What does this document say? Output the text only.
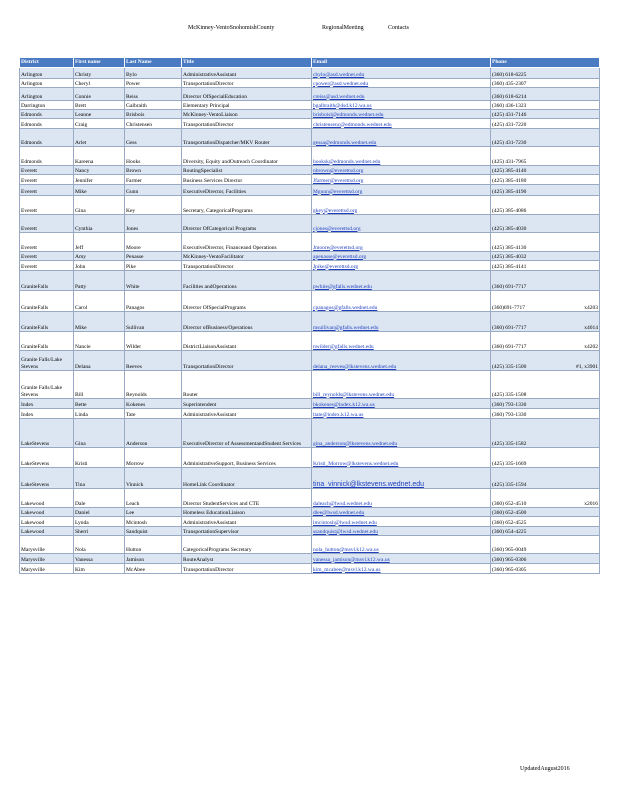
McKinney-VentoSnohomishCounty	RegionalMeeting	Contacts
District	First name	Last Name	Title	Email	Phone
Arlington	Christy	Bylo	AdministrativeAssistant	cbylo@asd.wednet.edu	(360) 618-6225
Arlington	Cheryl	Power	TransportationDirector	cpower@asd.wednet.edu	(360) 435-2307
Arlington	Connie	Reiss	Director OfSpecialEducation	creiss@asd.wednet.edu	(360) 618-6214
Darrington	Brett	Galbraith	Elementary Principal	bgalbraith@dsd.k12.wa.us	(360) 436-1323
Edmonds	Leanne	Brisbois	McKinney-VentoLiaison	brisboisl@edmonds.wednet.edu	(425) 431-7146
Edmonds	Craig	Christensen	TransportationDirector	christensenc@edmonds.wednet.edu	(425) 431-7220
Edmonds	Arlet	Gess	TransportationDispatcher/MKV Router	gessa@edmonds.wednet.edu	(425) 431-7230
Edmonds	Kareena	Hooks	Diversity, Equity andOutreach Coordinator	hooksk@edmonds.wednet.edu	(425) 431-7965
Everett	Nancy	Brown	RoutingSpecialist	nbrown@everettsd.org	(425) 385-4140
Everett	Jennifer	Farmer	Business Services Director	Jfarmer@everettsd.org	(425) 385-4180
Everett	Mike	Gunn	ExecutiveDirector, Facilities	Mgunn@everettsd.org	(425) 385-4190
Everett	Gina	Key	Secretary, CategoricalPrograms	gkey@everettsd.org	(425) 385-4086
Everett	Cynthia	Jones	Director OfCategorical Programs	cjones@everettsd.org	(425) 385-4030
Everett	Jeff	Moore	ExecutiveDirector, Financeand Operations	Jmoore@everettsd.org	(425) 385-4130
Everett	Amy	Penasse	McKinney-VentoFacilitator	apenasse@everettsd.org	(425) 385-4032
Everett	John	Pike	TransportationDirector	Jpike@everettsd.org	(425) 385-4141
GraniteFalls	Patty	White	Facilities andOperations	pwhite@gfalls.wednet.edu	(360) 691-7717
GraniteFalls	Carol	Panagos	Director OfSpecialPrograms	cpanagos@gfalls.wednet.edu	(360)691-7717 x4203

GraniteFalls	Mike	Sullivan	Director ofBusiness/Operations	msullivan@gfalls.wednet.edu	(360) 691-7717 x4014

GraniteFalls	Nancie	Wilder	DistrictLiaisonAssistant	nwilder@gfalls.wednet.edu	(360) 691-7717 x4202

Granite Falls/Lake Stevens	Delana	Reeves	TransportationDirector	delana_reeves@lkstevens.wednet.edu	(425) 335-1500 #1, x3901

Granite Falls/Lake Stevens	Bill	Reynolds	Router	bill_reynolds@lkstevens.wednet.edu	(425) 335-1508
Index	Bette	Kokenes	Superintendent	bkokenes@index.k12.wa.us	(360) 793-1330
Index	Linda	Tate	AdministrativeAssistant	ltate@index.k12.wa.us	(360) 793-1330
LakeStevens	Gina	Anderson	ExecutiveDirector of AssessmentandStudent Services	gina_anderson@lkstevens.wednet.edu	(425) 335-1582
LakeStevens	Kristi	Morrow	AdministrativeSupport, Business Services	Kristi_Morrow@lkstevens.wednet.edu	(425) 335-1669
LakeStevens	Tina	Vinnick	HomeLink Coordinator	tina_vinnick@lkstevens.wednet.edu	(425) 335-1594
Lakewood	Dale	Leach	Director StudentServices and CTE	daleach@lwsd.wednet.edu	(360) 652-4510 x2016

Lakewood	Daniel	Lee	Homeless EducationLiaison	dlee@lwsd.wednet.edu	(360) 652-4500
Lakewood	Lynda	Mcintosh	AdministrativeAssistant	lmcintosh@lwsd.wednet.edu	(360) 652-4525
Lakewood	Sherri	Sandquist	TransportationSupervisor	ssandquist@lwsd.wednet.edu	(360) 654-4225
Marysville	Nola	Hutton	CategoricalPrograms Secretary	nola_hutton@msvl.k12.wa.us	(360) 965-0049
Marysville	Vanessa	Jamison	RouteAnalyst	vanessa_jamison@msvl.k12.wa.us	(360) 965-0306
Marysville	Kim	McAbee	TransportationDirector	kim_mcabee@msvl.k12.wa.us	(360) 965-0305
UpdatedAugust2016
